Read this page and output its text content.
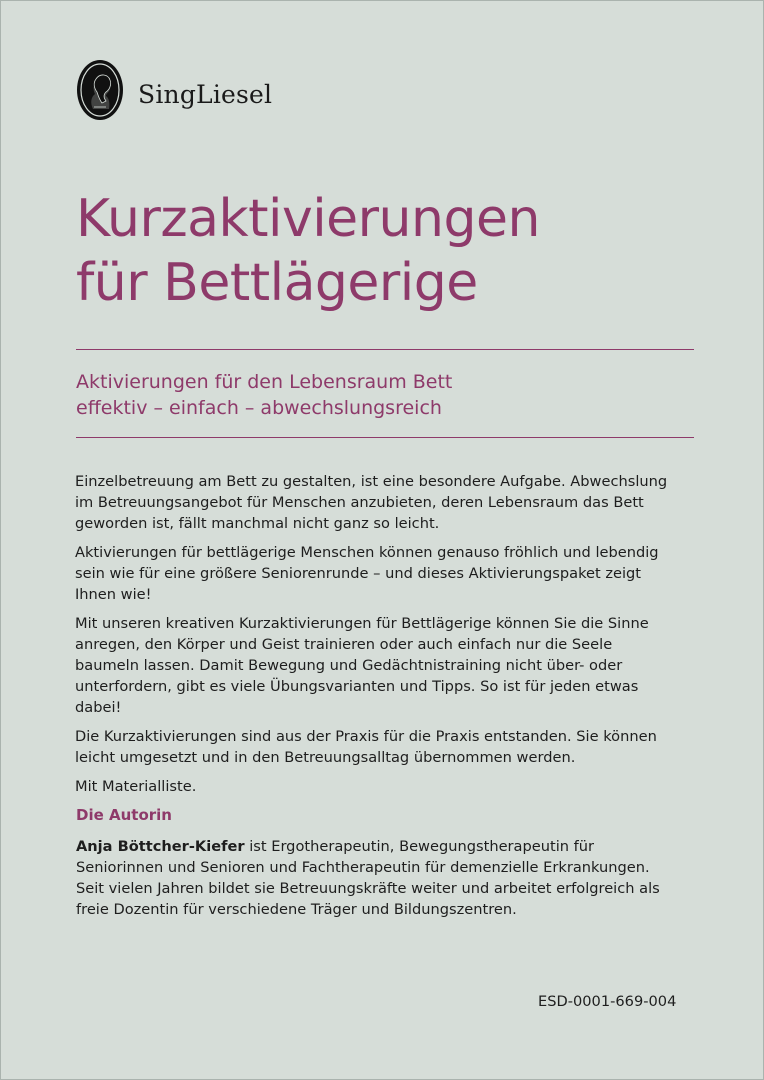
SingLiesel
Kurzaktivierungen
für Bettlägerige
Aktivierungen für den Lebensraum Bett
effektiv – einfach – abwechslungsreich

Einzelbetreuung am Bett zu gestalten, ist eine besondere Aufgabe. Abwechslung im Betreuungsangebot für Menschen anzubieten, deren Lebensraum das Bett geworden ist, fällt manchmal nicht ganz so leicht.

Aktivierungen für bettlägerige Menschen können genauso fröhlich und lebendig sein wie für eine größere Seniorenrunde – und dieses Aktivierungspaket zeigt Ihnen wie!

Mit unseren kreativen Kurzaktivierungen für Bettlägerige können Sie die Sinne anregen, den Körper und Geist trainieren oder auch einfach nur die Seele baumeln lassen. Damit Bewegung und Gedächtnistraining nicht über- oder unterfordern, gibt es viele Übungsvarianten und Tipps. So ist für jeden etwas dabei!

Die Kurzaktivierungen sind aus der Praxis für die Praxis entstanden. Sie können leicht umgesetzt und in den Betreuungsalltag übernommen werden.

Mit Materialliste.

Die Autorin
Anja Böttcher-Kiefer ist Ergotherapeutin, Bewegungstherapeutin für Seniorinnen und Senioren und Fachtherapeutin für demenzielle Erkrankungen. Seit vielen Jahren bildet sie Betreuungskräfte weiter und arbeitet erfolgreich als freie Dozentin für verschiedene Träger und Bildungszentren.
ESD-0001-669-004
